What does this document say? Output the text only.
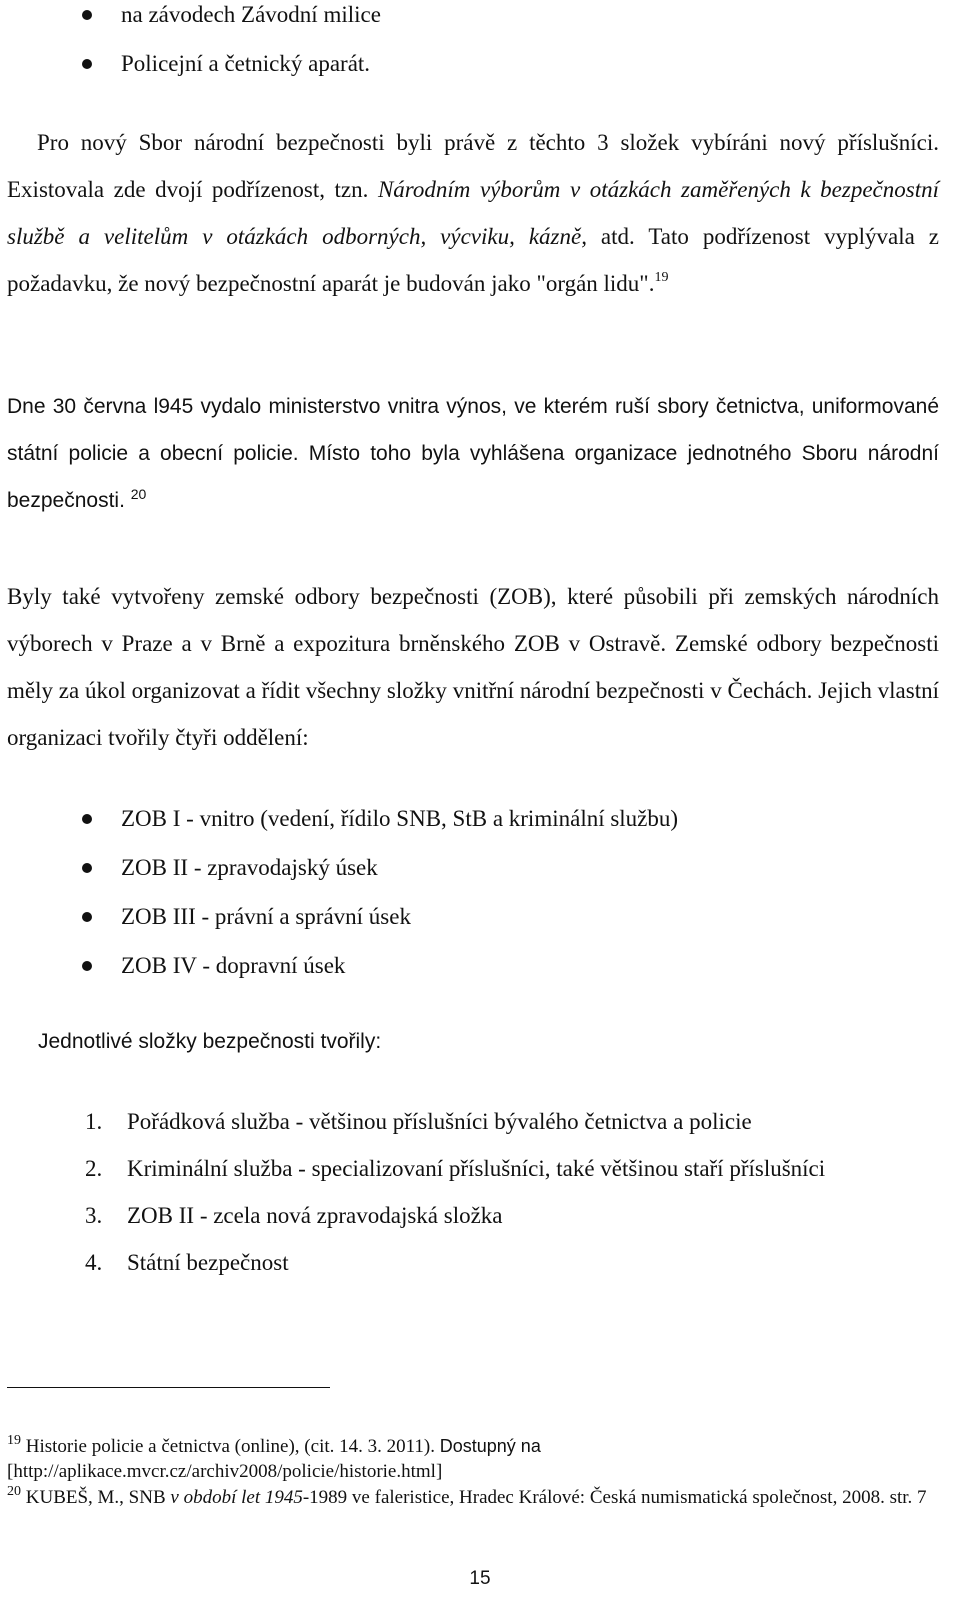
na závodech Závodní milice
Policejní a četnický aparát.

Pro nový Sbor národní bezpečnosti byli právě z těchto 3 složek vybíráni nový příslušníci. Existovala zde dvojí podřízenost, tzn. Národním výborům v otázkách zaměřených k bezpečnostní službě a velitelům v otázkách odborných, výcviku, kázně, atd. Tato podřízenost vyplývala z požadavku, že nový bezpečnostní aparát je budován jako "orgán lidu".$^{19}$

Dne 30 června l945 vydalo ministerstvo vnitra výnos, ve kterém ruší sbory četnictva, uniformované státní policie a obecní policie. Místo toho byla vyhlášena organizace jednotného Sboru národní bezpečnosti. $^{20}$

Byly také vytvořeny zemské odbory bezpečnosti (ZOB), které působili při zemských národních výborech v Praze a v Brně a expozitura brněnského ZOB v Ostravě. Zemské odbory bezpečnosti měly za úkol organizovat a řídit všechny složky vnitřní národní bezpečnosti v Čechách. Jejich vlastní organizaci tvořily čtyři oddělení:

ZOB I - vnitro (vedení, řídilo SNB, StB a kriminální službu)
ZOB II - zpravodajský úsek
ZOB III - právní a správní úsek
ZOB IV - dopravní úsek

Jednotlivé složky bezpečnosti tvořily:

1. Pořádková služba - většinou příslušníci bývalého četnictva a policie
2. Kriminální služba - specializovaní příslušníci, také většinou staří příslušníci
3. ZOB II - zcela nová zpravodajská složka
4. Státní bezpečnost

$^{19}$ Historie policie a četnictva (online), (cit. 14. 3. 2011). Dostupný na
[http://aplikace.mvcr.cz/archiv2008/policie/historie.html]

$^{20}$ KUBEŠ, M., SNB v období let 1945-1989 ve faleristice, Hradec Králové: Česká numismatická společnost, 2008. str. 7

15
